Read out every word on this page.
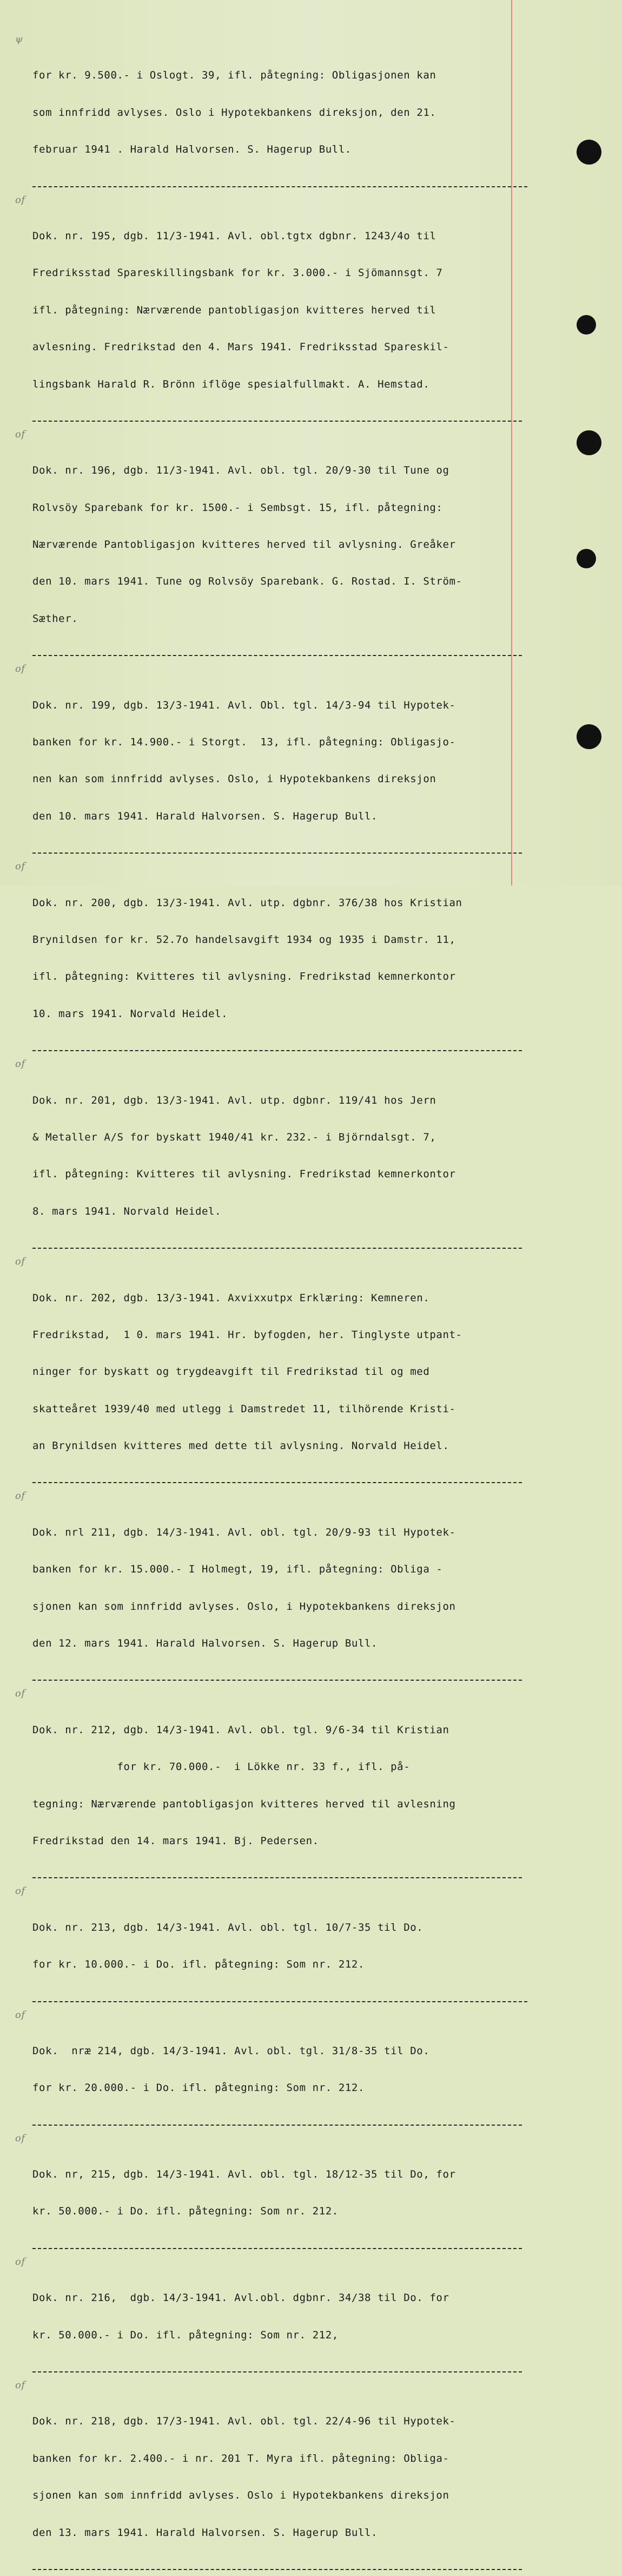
ψ

for kr. 9.500.- i Oslogt. 39, ifl. påtegning: Obligasjonen kan

som innfridd avlyses. Oslo i Hypotekbankens direksjon, den 21.

februar 1941 . Harald Halvorsen. S. Hagerup Bull.

of

Dok. nr. 195, dgb. 11/3-1941. Avl. obl.tgtx dgbnr. 1243/4o til

Fredriksstad Spareskillingsbank for kr. 3.000.- i Sjömannsgt. 7

ifl. påtegning: Nærværende pantobligasjon kvitteres herved til

avlesning. Fredrikstad den 4. Mars 1941. Fredriksstad Spareskil-

lingsbank Harald R. Brönn iflöge spesialfullmakt. A. Hemstad.

of

Dok. nr. 196, dgb. 11/3-1941. Avl. obl. tgl. 20/9-30 til Tune og

Rolvsöy Sparebank for kr. 1500.- i Sembsgt. 15, ifl. påtegning:

Nærværende Pantobligasjon kvitteres herved til avlysning. Greåker

den 10. mars 1941. Tune og Rolvsöy Sparebank. G. Rostad. I. Ström-

Sæther.

of

Dok. nr. 199, dgb. 13/3-1941. Avl. Obl. tgl. 14/3-94 til Hypotek-

banken for kr. 14.900.- i Storgt.  13, ifl. påtegning: Obligasjo-

nen kan som innfridd avlyses. Oslo, i Hypotekbankens direksjon

den 10. mars 1941. Harald Halvorsen. S. Hagerup Bull.

of

Dok. nr. 200, dgb. 13/3-1941. Avl. utp. dgbnr. 376/38 hos Kristian

Brynildsen for kr. 52.7o handelsavgift 1934 og 1935 i Damstr. 11,

ifl. påtegning: Kvitteres til avlysning. Fredrikstad kemnerkontor

10. mars 1941. Norvald Heidel.

of

Dok. nr. 201, dgb. 13/3-1941. Avl. utp. dgbnr. 119/41 hos Jern

& Metaller A/S for byskatt 1940/41 kr. 232.- i Björndalsgt. 7,

ifl. påtegning: Kvitteres til avlysning. Fredrikstad kemnerkontor

8. mars 1941. Norvald Heidel.

of

Dok. nr. 202, dgb. 13/3-1941. Axvixxutpx Erklæring: Kemneren.

Fredrikstad,  1 0. mars 1941. Hr. byfogden, her. Tinglyste utpant-

ninger for byskatt og trygdeavgift til Fredrikstad til og med

skatteåret 1939/40 med utlegg i Damstredet 11, tilhörende Kristi-

an Brynildsen kvitteres med dette til avlysning. Norvald Heidel.

of

Dok. nrl 211, dgb. 14/3-1941. Avl. obl. tgl. 20/9-93 til Hypotek-

banken for kr. 15.000.- I Holmegt, 19, ifl. påtegning: Obliga -

sjonen kan som innfridd avlyses. Oslo, i Hypotekbankens direksjon

den 12. mars 1941. Harald Halvorsen. S. Hagerup Bull.

of

Dok. nr. 212, dgb. 14/3-1941. Avl. obl. tgl. 9/6-34 til Kristian

for kr. 70.000.-  i Lökke nr. 33 f., ifl. på-

tegning: Nærværende pantobligasjon kvitteres herved til avlesning

Fredrikstad den 14. mars 1941. Bj. Pedersen.

of

Dok. nr. 213, dgb. 14/3-1941. Avl. obl. tgl. 10/7-35 til Do.

for kr. 10.000.- i Do. ifl. påtegning: Som nr. 212.

of

Dok.  nræ 214, dgb. 14/3-1941. Avl. obl. tgl. 31/8-35 til Do.

for kr. 20.000.- i Do. ifl. påtegning: Som nr. 212.

of

Dok. nr, 215, dgb. 14/3-1941. Avl. obl. tgl. 18/12-35 til Do, for

kr. 50.000.- i Do. ifl. påtegning: Som nr. 212.

of

Dok. nr. 216,  dgb. 14/3-1941. Avl.obl. dgbnr. 34/38 til Do. for

kr. 50.000.- i Do. ifl. påtegning: Som nr. 212,

of

Dok. nr. 218, dgb. 17/3-1941. Avl. obl. tgl. 22/4-96 til Hypotek-

banken for kr. 2.400.- i nr. 201 T. Myra ifl. påtegning: Obliga-

sjonen kan som innfridd avlyses. Oslo i Hypotekbankens direksjon

den 13. mars 1941. Harald Halvorsen. S. Hagerup Bull.
